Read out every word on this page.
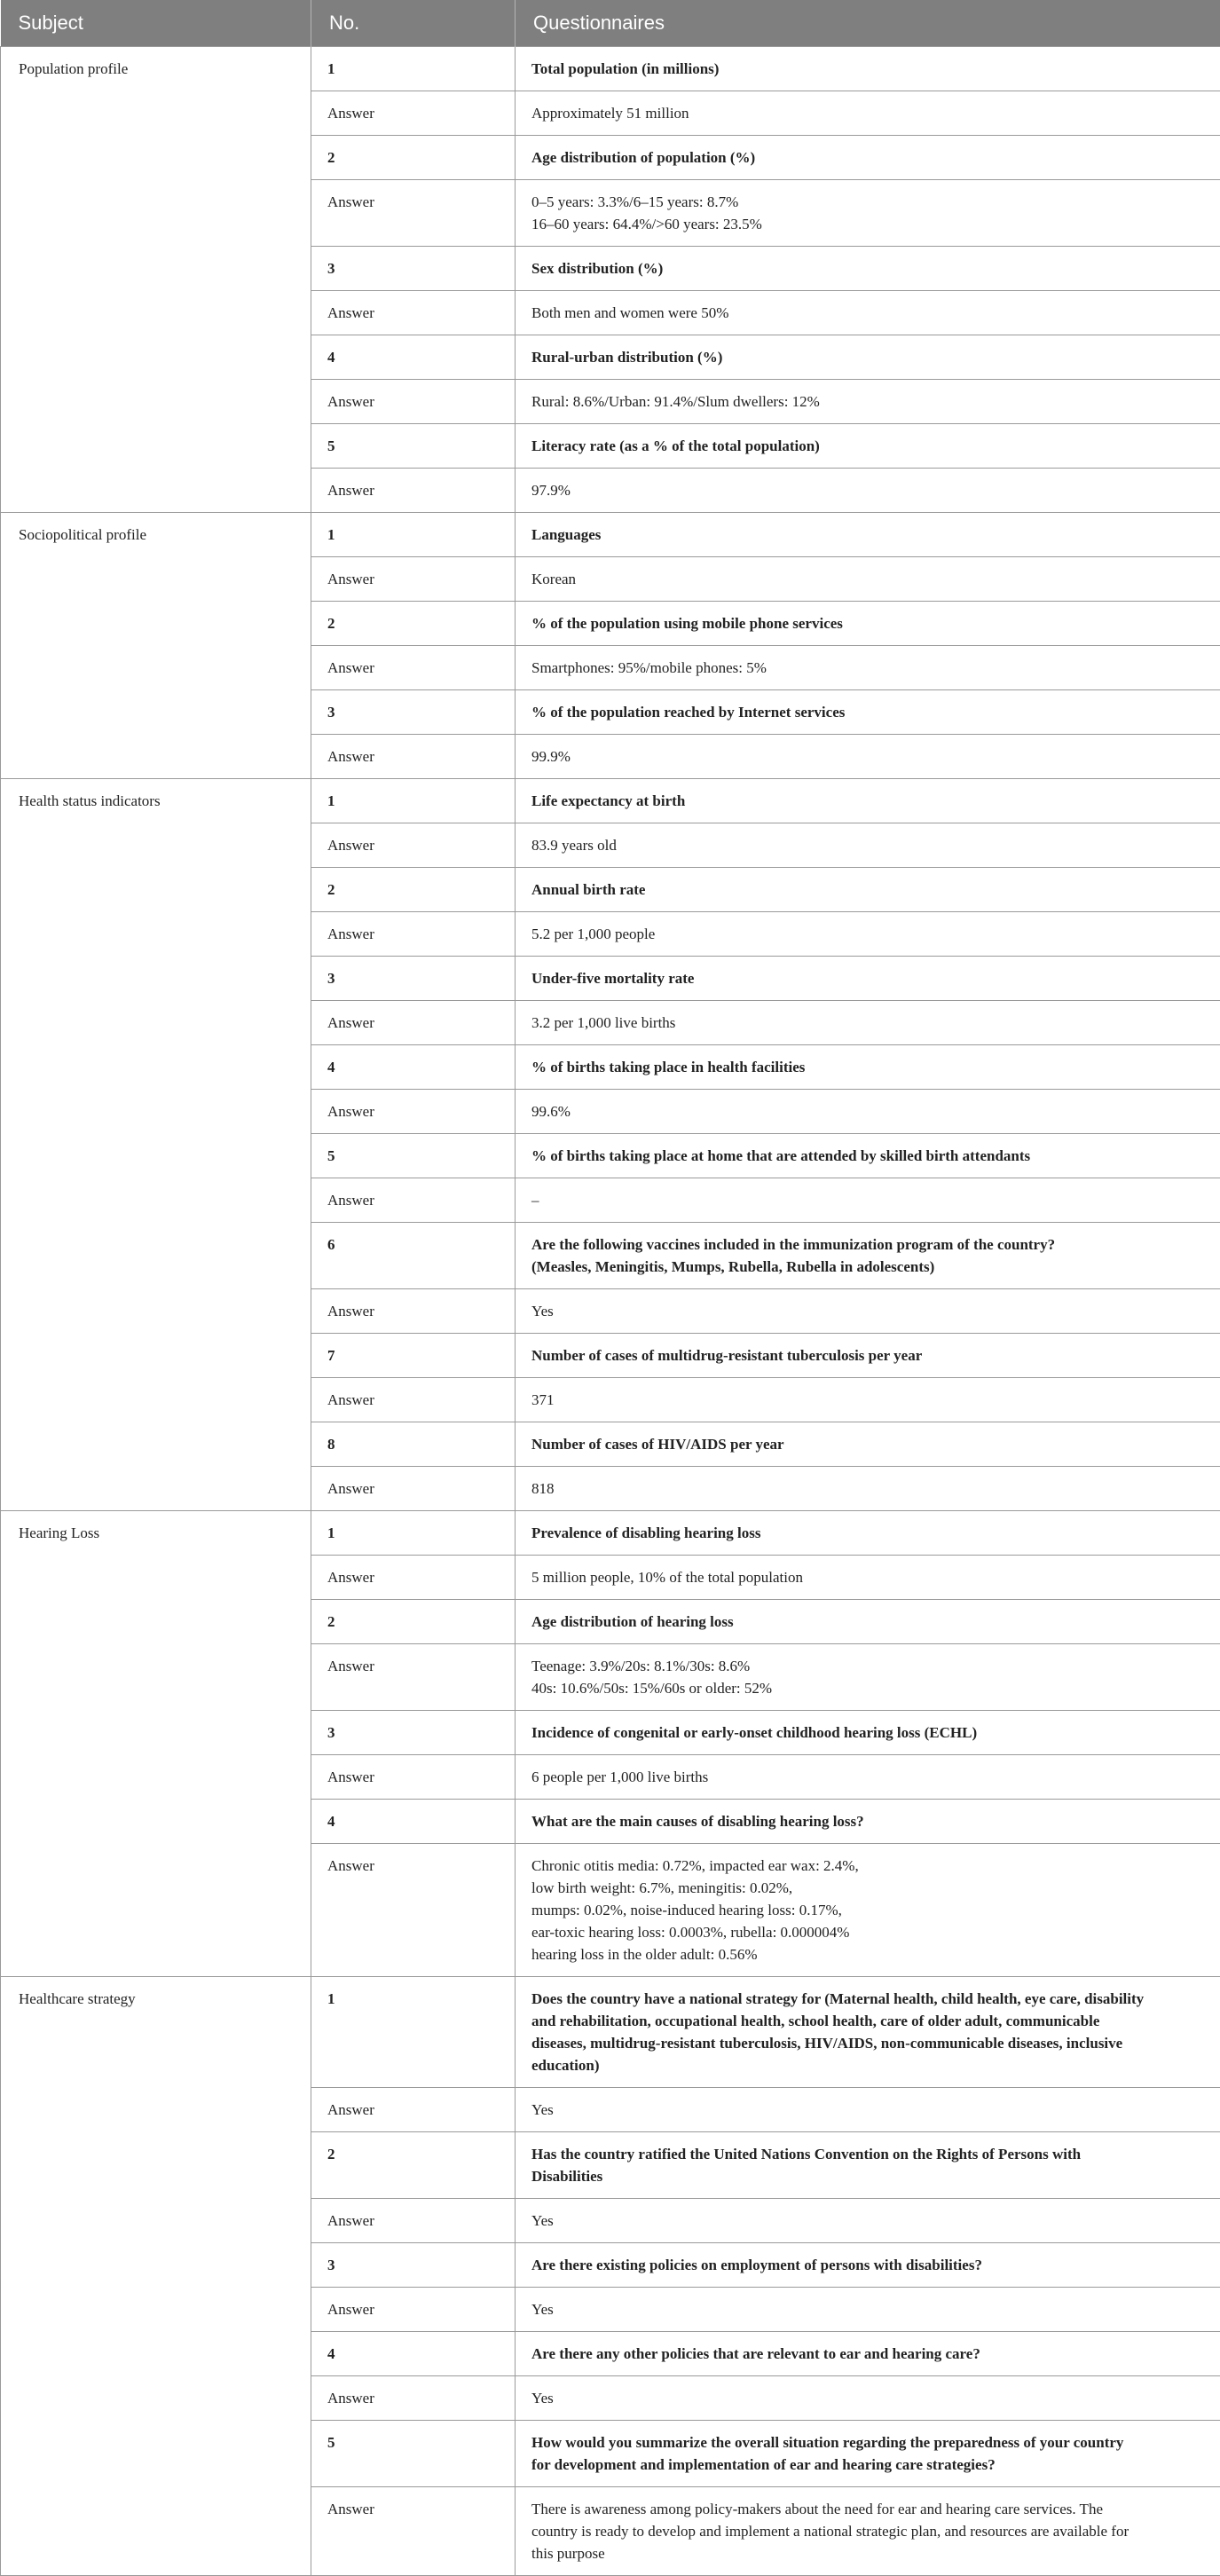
Subject	No.	Questionnaires
Population profile	1	Total population (in millions)

	Answer	Approximately 51 million

	2	Age distribution of population (%)

	Answer	0–5 years: 3.3%/6–15 years: 8.7%
16–60 years: 64.4%/>60 years: 23.5%

	3	Sex distribution (%)

	Answer	Both men and women were 50%

	4	Rural-urban distribution (%)

	Answer	Rural: 8.6%/Urban: 91.4%/Slum dwellers: 12%

	5	Literacy rate (as a % of the total population)

	Answer	97.9%

Sociopolitical profile	1	Languages

	Answer	Korean

	2	% of the population using mobile phone services

	Answer	Smartphones: 95%/mobile phones: 5%

	3	% of the population reached by Internet services

	Answer	99.9%

Health status indicators	1	Life expectancy at birth

	Answer	83.9 years old

	2	Annual birth rate

	Answer	5.2 per 1,000 people

	3	Under-five mortality rate

	Answer	3.2 per 1,000 live births

	4	% of births taking place in health facilities

	Answer	99.6%

	5	% of births taking place at home that are attended by skilled birth attendants

	Answer	–

	6	Are the following vaccines included in the immunization program of the country?
(Measles, Meningitis, Mumps, Rubella, Rubella in adolescents)

	Answer	Yes

	7	Number of cases of multidrug-resistant tuberculosis per year

	Answer	371

	8	Number of cases of HIV/AIDS per year

	Answer	818

Hearing Loss	1	Prevalence of disabling hearing loss

	Answer	5 million people, 10% of the total population

	2	Age distribution of hearing loss

	Answer	Teenage: 3.9%/20s: 8.1%/30s: 8.6%
40s: 10.6%/50s: 15%/60s or older: 52%

	3	Incidence of congenital or early-onset childhood hearing loss (ECHL)

	Answer	6 people per 1,000 live births

	4	What are the main causes of disabling hearing loss?

	Answer	Chronic otitis media: 0.72%, impacted ear wax: 2.4%,
low birth weight: 6.7%, meningitis: 0.02%,
mumps: 0.02%, noise-induced hearing loss: 0.17%,
ear-toxic hearing loss: 0.0003%, rubella: 0.000004%
hearing loss in the older adult: 0.56%

Healthcare strategy	1	Does the country have a national strategy for (Maternal health, child health, eye care, disability
and rehabilitation, occupational health, school health, care of older adult, communicable
diseases, multidrug-resistant tuberculosis, HIV/AIDS, non-communicable diseases, inclusive
education)

	Answer	Yes

	2	Has the country ratified the United Nations Convention on the Rights of Persons with
Disabilities

	Answer	Yes

	3	Are there existing policies on employment of persons with disabilities?

	Answer	Yes

	4	Are there any other policies that are relevant to ear and hearing care?

	Answer	Yes

	5	How would you summarize the overall situation regarding the preparedness of your country
for development and implementation of ear and hearing care strategies?

	Answer	There is awareness among policy-makers about the need for ear and hearing care services. The
country is ready to develop and implement a national strategic plan, and resources are available for
this purpose
